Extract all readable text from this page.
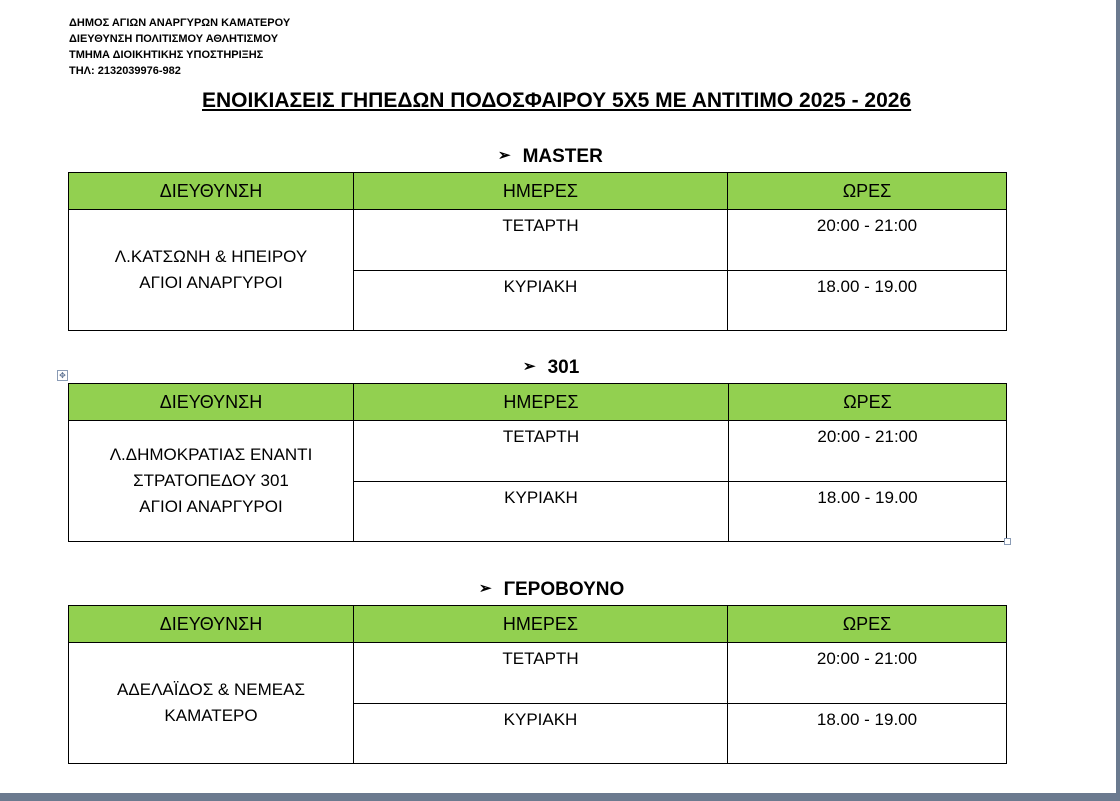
ΔΗΜΟΣ ΑΓΙΩΝ ΑΝΑΡΓΥΡΩΝ ΚΑΜΑΤΕΡΟΥ
ΔΙΕΥΘΥΝΣΗ ΠΟΛΙΤΙΣΜΟΥ ΑΘΛΗΤΙΣΜΟΥ
ΤΜΗΜΑ ΔΙΟΙΚΗΤΙΚΗΣ ΥΠΟΣΤΗΡΙΞΗΣ
ΤΗΛ: 2132039976-982
ΕΝΟΙΚΙΑΣΕΙΣ ΓΗΠΕΔΩΝ ΠΟΔΟΣΦΑΙΡΟΥ 5Χ5 ΜΕ ΑΝΤΙΤΙΜΟ 2025 - 2026
➢ MASTER
ΔΙΕΥΘΥΝΣΗ	ΗΜΕΡΕΣ	ΩΡΕΣ

Λ.ΚΑΤΣΩΝΗ & ΗΠΕΙΡΟΥ
ΑΓΙΟΙ ΑΝΑΡΓΥΡΟΙ	ΤΕΤΑΡΤΗ	20:00 - 21:00
	ΚΥΡΙΑΚΗ	18.00 - 19.00
✥
➢ 301
ΔΙΕΥΘΥΝΣΗ	ΗΜΕΡΕΣ	ΩΡΕΣ

Λ.ΔΗΜΟΚΡΑΤΙΑΣ ΕΝΑΝΤΙ
ΣΤΡΑΤΟΠΕΔΟΥ 301
ΑΓΙΟΙ ΑΝΑΡΓΥΡΟΙ	ΤΕΤΑΡΤΗ	20:00 - 21:00
	ΚΥΡΙΑΚΗ	18.00 - 19.00
➢ ΓΕΡΟΒΟΥΝΟ
ΔΙΕΥΘΥΝΣΗ	ΗΜΕΡΕΣ	ΩΡΕΣ

ΑΔΕΛΑΪΔΟΣ & ΝΕΜΕΑΣ
ΚΑΜΑΤΕΡΟ	ΤΕΤΑΡΤΗ	20:00 - 21:00
	ΚΥΡΙΑΚΗ	18.00 - 19.00
